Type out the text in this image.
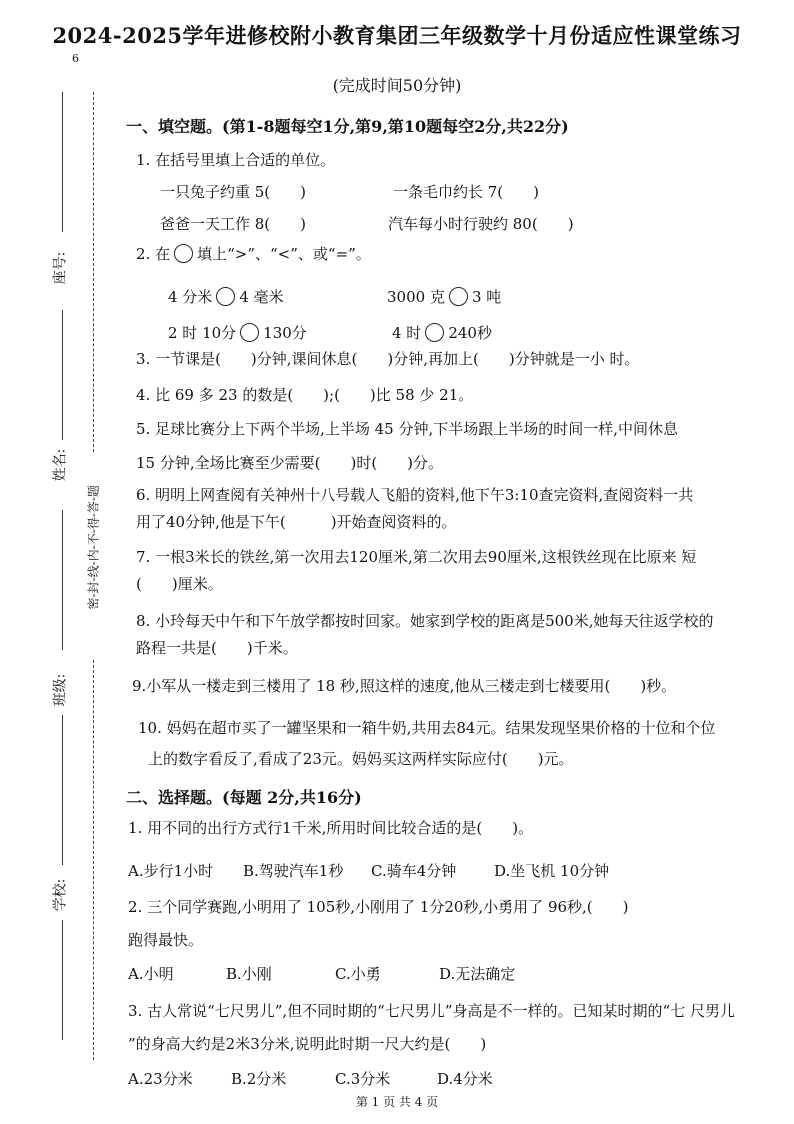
2024-2025学年进修校附小教育集团三年级数学十月份适应性课堂练习
(完成时间50分钟)
6
座号:
姓名:
班级:
学校:
密-封-线-内-不-得-答-题
一、填空题。(第1-8题每空1分,第9,第10题每空2分,共22分)
1. 在括号里填上合适的单位。
一只兔子约重 5(　　)	一条毛巾约长 7(　　)
爸爸一天工作 8(　　)	汽车每小时行驶约 80(　　)
2. 在 填上“>”、“<”、或“=”。
4 分米 4 毫米	3000 克 3 吨
2 时 10分 130分	4 时 240秒
3. 一节课是(　　)分钟,课间休息(　　)分钟,再加上(　　)分钟就是一小 时。
4. 比 69 多 23 的数是(　　);(　　)比 58 少 21。
5. 足球比赛分上下两个半场,上半场 45 分钟,下半场跟上半场的时间一样,中间休息
15 分钟,全场比赛至少需要(　　)时(　　)分。
6. 明明上网查阅有关神州十八号载人飞船的资料,他下午3:10查完资料,查阅资料一共
用了40分钟,他是下午(　　　)开始查阅资料的。
7. 一根3米长的铁丝,第一次用去120厘米,第二次用去90厘米,这根铁丝现在比原来 短
(　　)厘米。
8. 小玲每天中午和下午放学都按时回家。她家到学校的距离是500米,她每天往返学校的
路程一共是(　　)千米。
9.小军从一楼走到三楼用了 18 秒,照这样的速度,他从三楼走到七楼要用(　　)秒。
10. 妈妈在超市买了一罐坚果和一箱牛奶,共用去84元。结果发现坚果价格的十位和个位
上的数字看反了,看成了23元。妈妈买这两样实际应付(　　)元。
二、选择题。(每题 2分,共16分)
1. 用不同的出行方式行1千米,所用时间比较合适的是(　　)。
A.步行1小时 B.驾驶汽车1秒 C.骑车4分钟	D.坐飞机 10分钟
2. 三个同学赛跑,小明用了 105秒,小刚用了 1分20秒,小勇用了 96秒,(　　)
跑得最快。
A.小明	B.小刚	C.小勇	D.无法确定
3. 古人常说“七尺男儿”,但不同时期的“七尺男儿”身高是不一样的。已知某时期的“七 尺男儿
”的身高大约是2米3分米,说明此时期一尺大约是(　　)
A.23分米	B.2分米	C.3分米	D.4分米
第 1 页 共 4 页
